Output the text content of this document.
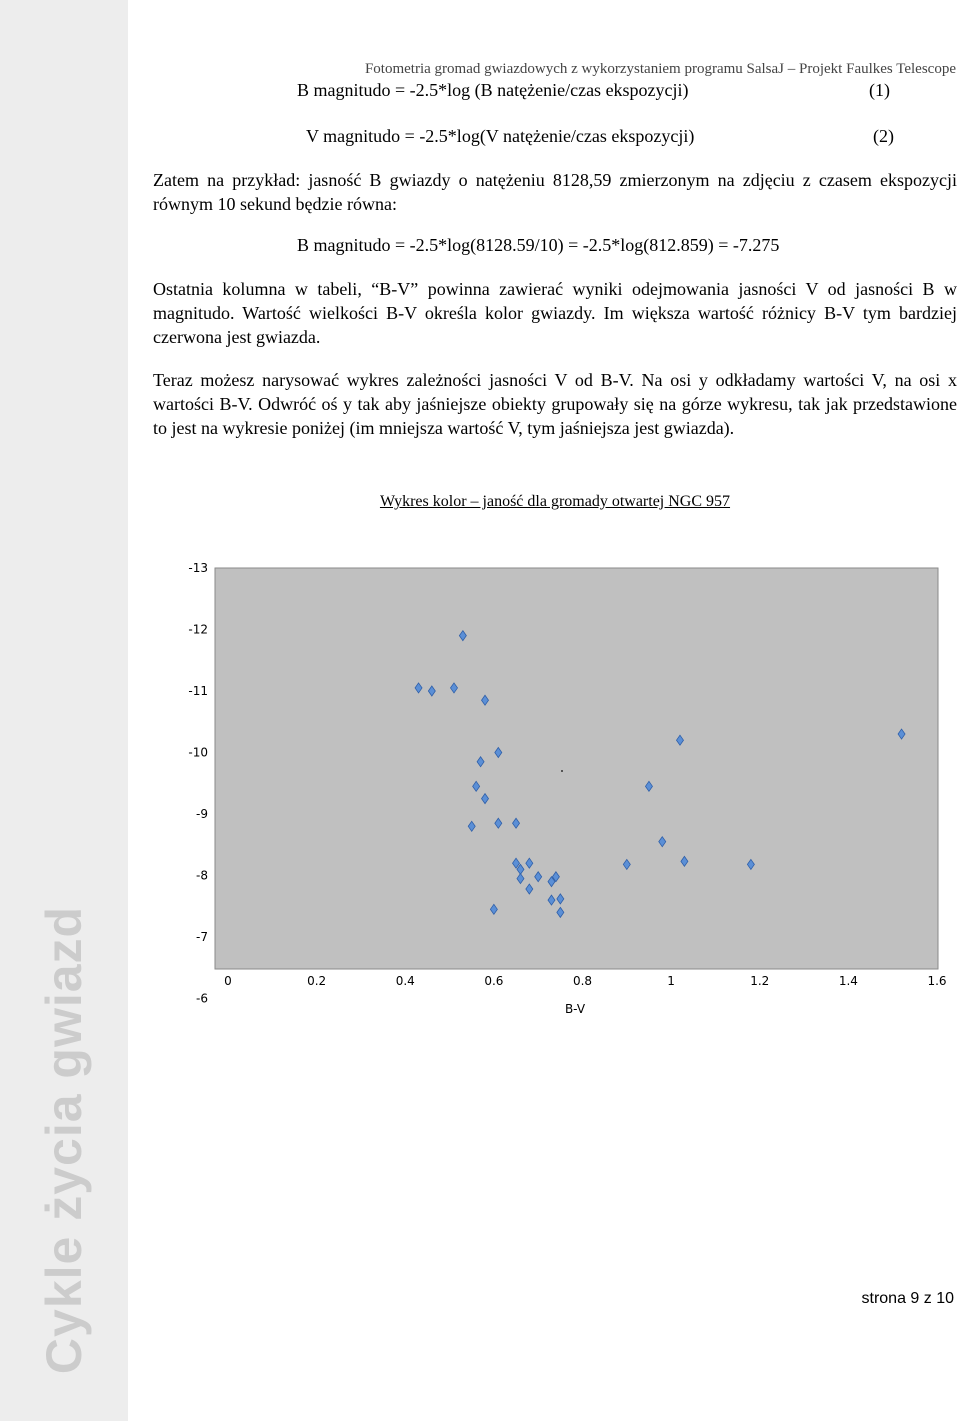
Cykle życia gwiazd
Fotometria gromad gwiazdowych z wykorzystaniem programu SalsaJ – Projekt Faulkes Telescope
B magnitudo = -2.5*log (B natężenie/czas ekspozycji)	(1)
V magnitudo = -2.5*log(V natężenie/czas ekspozycji)	(2)

Zatem na przykład: jasność B gwiazdy o natężeniu 8128,59 zmierzonym na zdjęciu z czasem ekspozycji równym 10 sekund będzie równa:

B magnitudo = -2.5*log(8128.59/10) = -2.5*log(812.859) = -7.275

Ostatnia kolumna w tabeli, “B-V” powinna zawierać wyniki odejmowania jasności V od jasności B w magnitudo. Wartość wielkości B-V określa kolor gwiazdy. Im większa wartość różnicy B-V tym bardziej czerwona jest gwiazda.

Teraz możesz narysować wykres zależności jasności V od B-V. Na osi y odkładamy wartości V, na osi x wartości B-V. Odwróć oś y tak aby jaśniejsze obiekty grupowały się na górze wykresu, tak jak przedstawione to jest na wykresie poniżej (im mniejsza wartość V, tym jaśniejsza jest gwiazda).

Wykres kolor – janość dla gromady otwartej NGC 957
-13
-12
-11
-10
-9
-8
-7
-6
0	0.2	0.4	0.6	0.8	1	1.2	1.4	1.6
B-V
strona 9 z 10
